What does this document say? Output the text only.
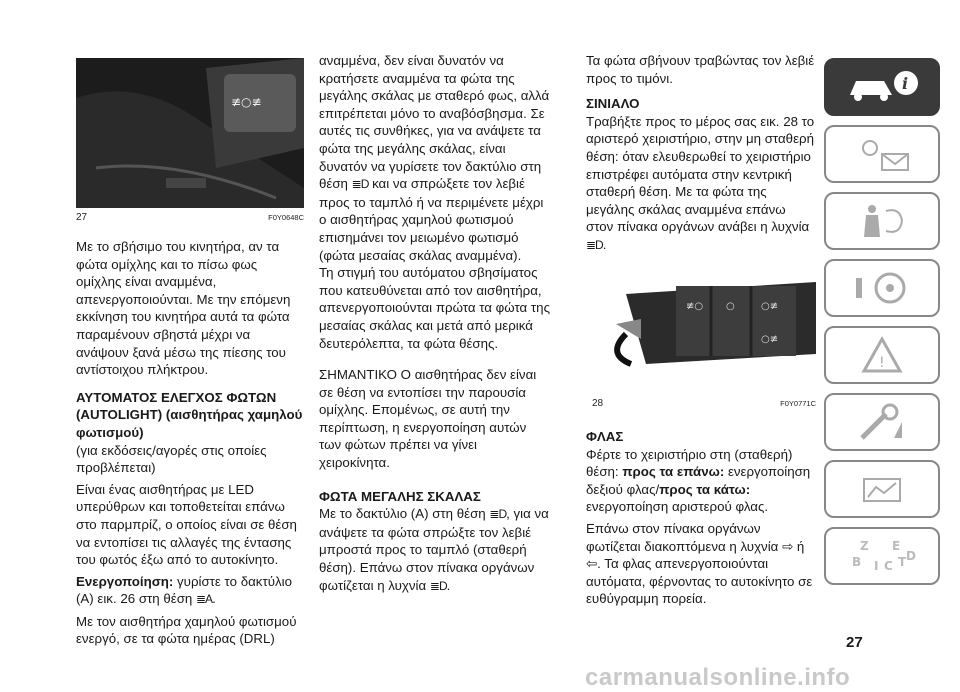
≢○≢
27	F0Y0648C

Με το σβήσιμο του κινητήρα, αν τα φώτα ομίχλης και το πίσω φως ομίχλης είναι αναμμένα, απενεργοποιούνται. Με την επόμενη εκκίνηση του κινητήρα αυτά τα φώτα παραμένουν σβηστά μέχρι να ανάψουν ξανά μέσω της πίεσης του αντίστοιχου πλήκτρου.

ΑΥΤΟΜΑΤΟΣ ΕΛΕΓΧΟΣ ΦΩΤΩΝ (AUTOLIGHT) (αισθητήρας χαμηλού φωτισμού)

(για εκδόσεις/αγορές στις οποίες προβλέπεται)

Είναι ένας αισθητήρας με LED υπερύθρων και τοποθετείται επάνω στο παρμπρίζ, ο οποίος είναι σε θέση να εντοπίσει τις αλλαγές της έντασης του φωτός έξω από το αυτοκίνητο.

Ενεργοποίηση: γυρίστε το δακτύλιο (A) εικ. 26 στη θέση ≣A.

Με τον αισθητήρα χαμηλού φωτισμού ενεργό, σε τα φώτα ημέρας (DRL)

αναμμένα, δεν είναι δυνατόν να κρατήσετε αναμμένα τα φώτα της μεγάλης σκάλας με σταθερό φως, αλλά επιτρέπεται μόνο το αναβόσβησμα. Σε αυτές τις συνθήκες, για να ανάψετε τα φώτα της μεγάλης σκάλας, είναι δυνατόν να γυρίσετε τον δακτύλιο στη θέση ≣D και να σπρώξετε τον λεβιέ προς το ταμπλό ή να περιμένετε μέχρι ο αισθητήρας χαμηλού φωτισμού επισημάνει τον μειωμένο φωτισμό (φώτα μεσαίας σκάλας αναμμένα).

Τη στιγμή του αυτόματου σβησίματος που κατευθύνεται από τον αισθητήρα, απενεργοποιούνται πρώτα τα φώτα της μεσαίας σκάλας και μετά από μερικά δευτερόλεπτα, τα φώτα θέσης.

ΣΗΜΑΝΤΙΚΟ Ο αισθητήρας δεν είναι σε θέση να εντοπίσει την παρουσία ομίχλης. Επομένως, σε αυτή την περίπτωση, η ενεργοποίηση αυτών των φώτων πρέπει να γίνει χειροκίνητα.

ΦΩΤΑ ΜΕΓΑΛΗΣ ΣΚΑΛΑΣ

Με το δακτύλιο (A) στη θέση ≣D, για να ανάψετε τα φώτα σπρώξτε τον λεβιέ μπροστά προς το ταμπλό (σταθερή θέση). Επάνω στον πίνακα οργάνων φωτίζεται η λυχνία ≣D.

Τα φώτα σβήνουν τραβώντας τον λεβιέ προς το τιμόνι.

ΣΙΝΙΑΛΟ

Τραβήξτε προς το μέρος σας εικ. 28 το αριστερό χειριστήριο, στην μη σταθερή θέση: όταν ελευθερωθεί το χειριστήριο επιστρέφει αυτόματα στην κεντρική σταθερή θέση. Με τα φώτα της μεγάλης σκάλας αναμμένα επάνω στον πίνακα οργάνων ανάβει η λυχνία ≣D.

≢○ ○	○≢
○≢
28	F0Y0771C
ΦΛΑΣ

Φέρτε το χειριστήριο στη (σταθερή) θέση: προς τα επάνω: ενεργοποίηση δεξιού φλας/προς τα κάτω: ενεργοποίηση αριστερού φλας.

Επάνω στον πίνακα οργάνων φωτίζεται διακοπτόμενα η λυχνία ⇨ ή ⇦. Τα φλας απενεργοποιούνται αυτόματα, φέρνοντας το αυτοκίνητο σε ευθύγραμμη πορεία.

i
!
Z E
B I C T D
27
carmanualsonline.info
